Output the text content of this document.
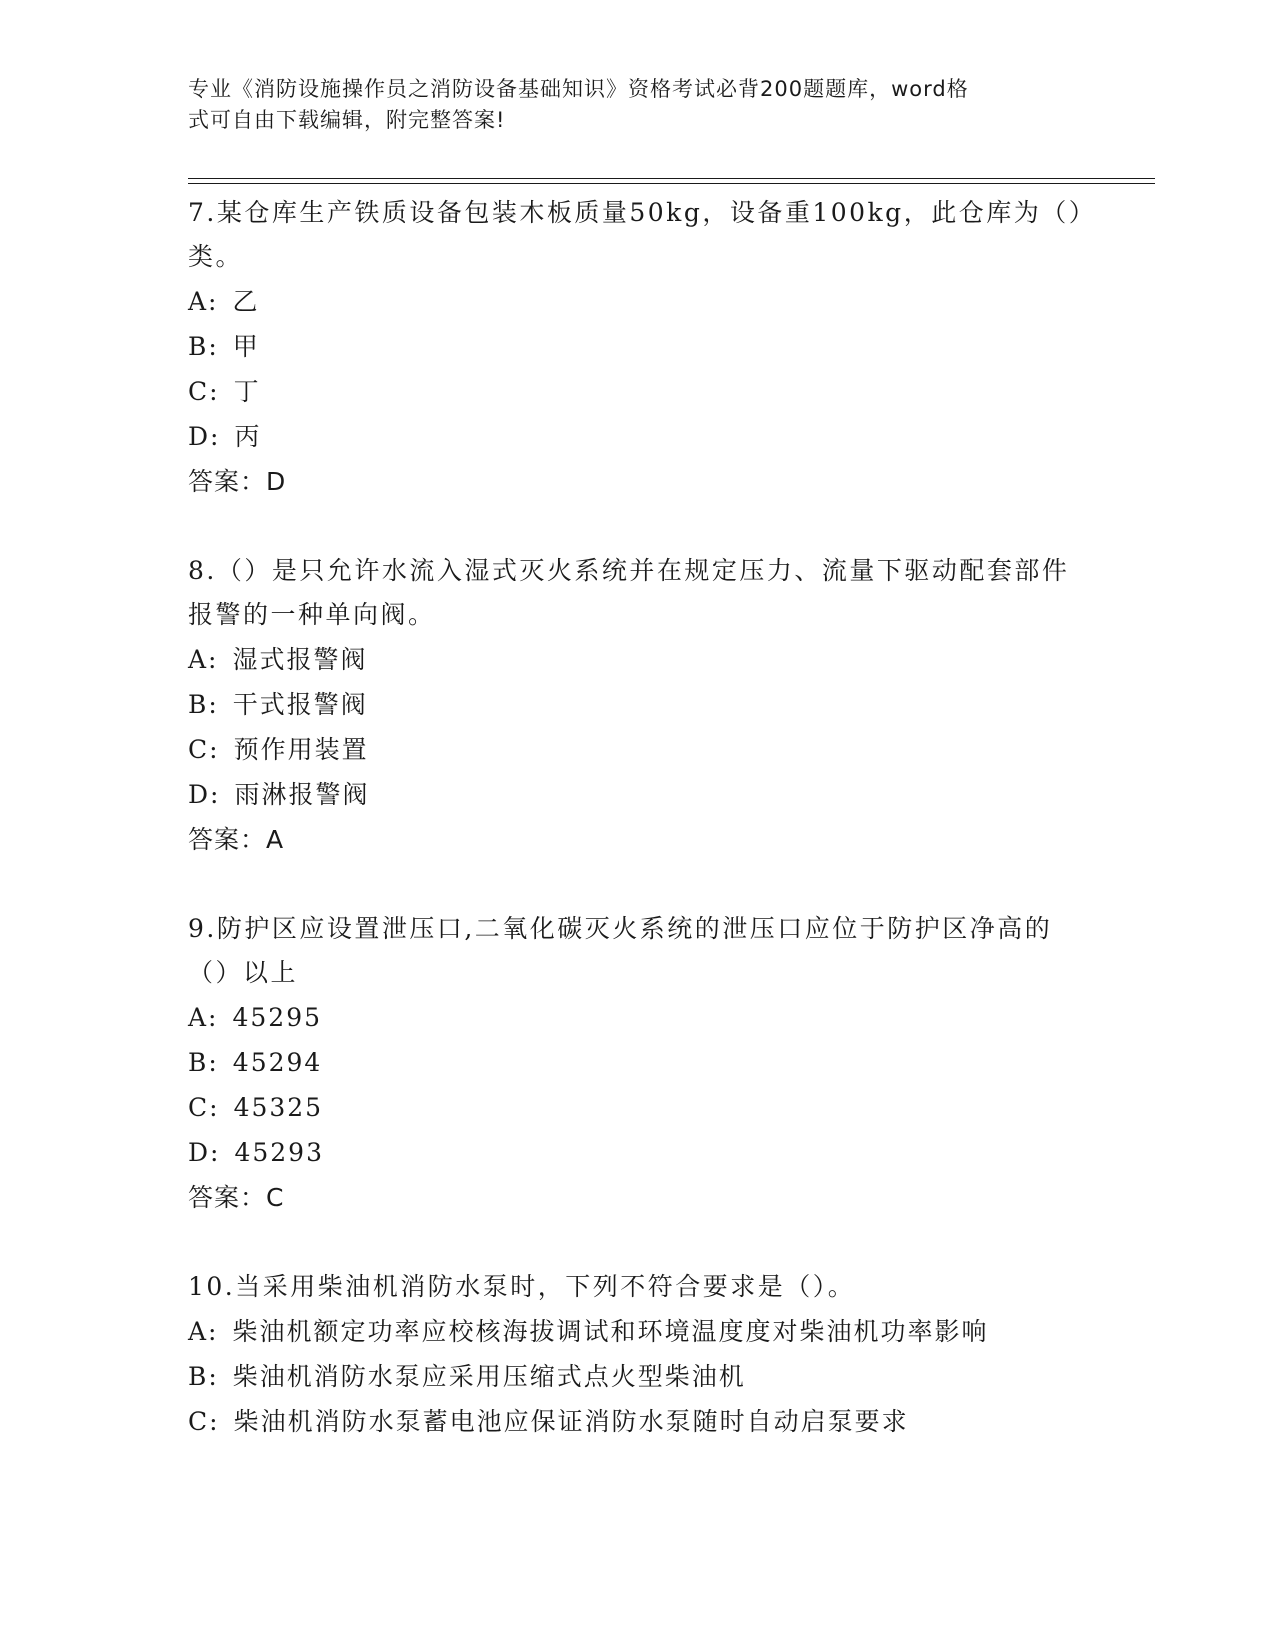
专业《消防设施操作员之消防设备基础知识》资格考试必背200题题库，word格
式可自由下载编辑，附完整答案!
7.某仓库生产铁质设备包装木板质量50kg，设备重100kg，此仓库为（）类。
A: 乙
B: 甲
C: 丁
D: 丙
答案：D
8.（）是只允许水流入湿式灭火系统并在规定压力、流量下驱动配套部件报警的一种单向阀。
A: 湿式报警阀
B: 干式报警阀
C: 预作用装置
D: 雨淋报警阀
答案：A
9.防护区应设置泄压口,二氧化碳灭火系统的泄压口应位于防护区净高的（）以上
A: 45295
B: 45294
C: 45325
D: 45293
答案：C
10.当采用柴油机消防水泵时，下列不符合要求是（）。
A: 柴油机额定功率应校核海拔调试和环境温度度对柴油机功率影响
B: 柴油机消防水泵应采用压缩式点火型柴油机
C: 柴油机消防水泵蓄电池应保证消防水泵随时自动启泵要求
